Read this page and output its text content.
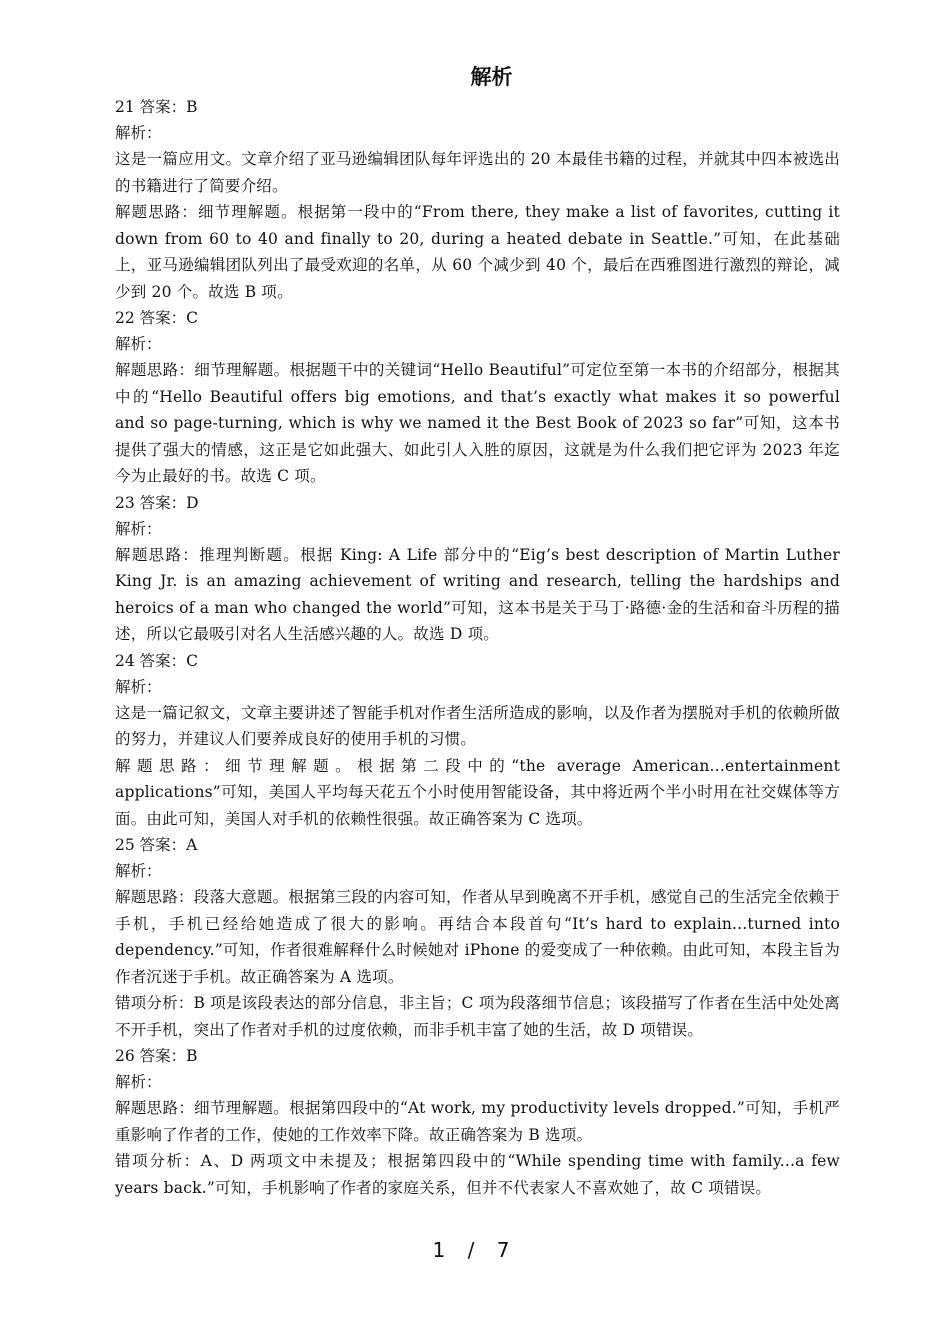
解析

21 答案：B

解析：

这是一篇应用文。文章介绍了亚马逊编辑团队每年评选出的 20 本最佳书籍的过程，并就其中四本被选出的书籍进行了简要介绍。

解题思路：细节理解题。根据第一段中的“From there, they make a list of favorites, cutting it down from 60 to 40 and finally to 20, during a heated debate in Seattle.”可知，在此基础上，亚马逊编辑团队列出了最受欢迎的名单，从 60 个减少到 40 个，最后在西雅图进行激烈的辩论，减少到 20 个。故选 B 项。

22 答案：C

解析：

解题思路：细节理解题。根据题干中的关键词“Hello Beautiful”可定位至第一本书的介绍部分，根据其中的“Hello Beautiful offers big emotions, and that’s exactly what makes it so powerful and so page-turning, which is why we named it the Best Book of 2023 so far”可知，这本书提供了强大的情感，这正是它如此强大、如此引人入胜的原因，这就是为什么我们把它评为 2023 年迄今为止最好的书。故选 C 项。

23 答案：D

解析：

解题思路：推理判断题。根据 King: A Life 部分中的“Eig’s best description of Martin Luther King Jr. is an amazing achievement of writing and research, telling the hardships and heroics of a man who changed the world”可知，这本书是关于马丁·路德·金的生活和奋斗历程的描述，所以它最吸引对名人生活感兴趣的人。故选 D 项。

24 答案：C

解析：

这是一篇记叙文，文章主要讲述了智能手机对作者生活所造成的影响，以及作者为摆脱对手机的依赖所做的努力，并建议人们要养成良好的使用手机的习惯。

解题思路：细节理解题。根据第二段中的“the average American...entertainment applications”可知，美国人平均每天花五个小时使用智能设备，其中将近两个半小时用在社交媒体等方面。由此可知，美国人对手机的依赖性很强。故正确答案为 C 选项。

25 答案：A

解析：

解题思路：段落大意题。根据第三段的内容可知，作者从早到晚离不开手机，感觉自己的生活完全依赖于手机，手机已经给她造成了很大的影响。再结合本段首句“It’s hard to explain...turned into dependency.”可知，作者很难解释什么时候她对 iPhone 的爱变成了一种依赖。由此可知，本段主旨为作者沉迷于手机。故正确答案为 A 选项。

错项分析：B 项是该段表达的部分信息，非主旨；C 项为段落细节信息；该段描写了作者在生活中处处离不开手机，突出了作者对手机的过度依赖，而非手机丰富了她的生活，故 D 项错误。

26 答案：B

解析：

解题思路：细节理解题。根据第四段中的“At work, my productivity levels dropped.”可知，手机严重影响了作者的工作，使她的工作效率下降。故正确答案为 B 选项。

错项分析：A、D 两项文中未提及；根据第四段中的“While spending time with family...a few years back.”可知，手机影响了作者的家庭关系，但并不代表家人不喜欢她了，故 C 项错误。

1 / 7
